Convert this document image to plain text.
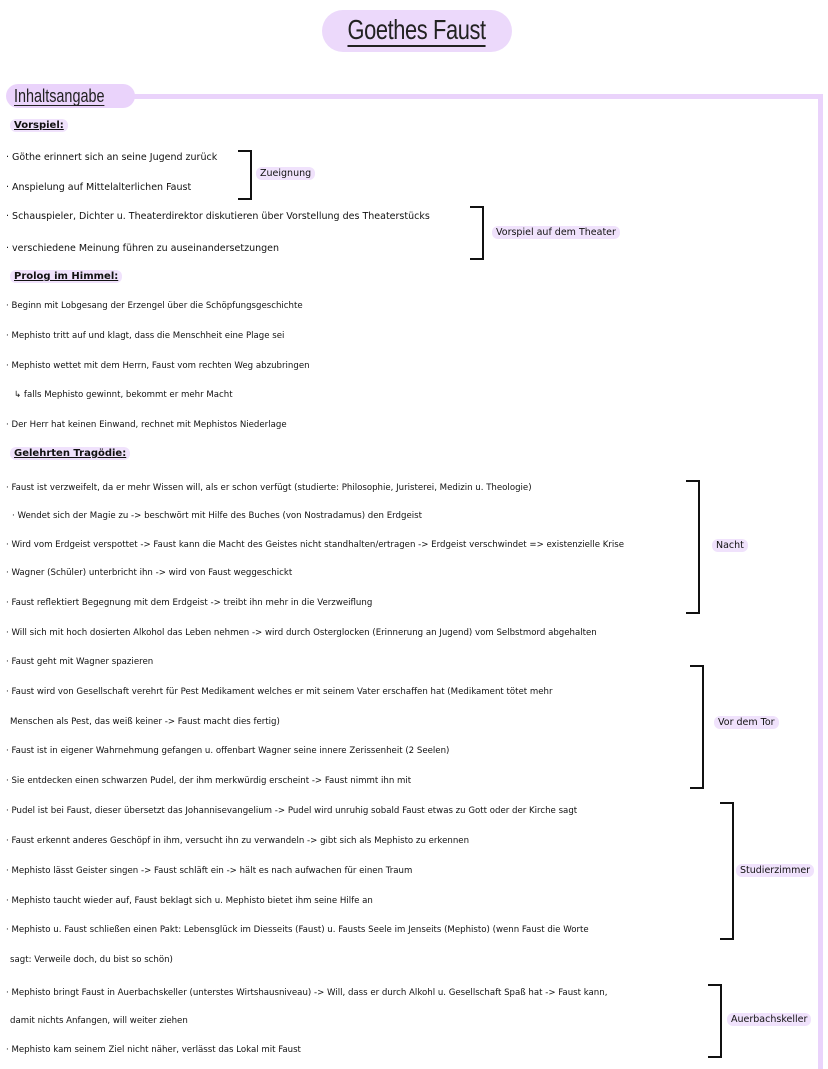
Goethes Faust
Inhaltsangabe
Vorspiel:
· Göthe erinnert sich an seine Jugend zurück
· Anspielung auf Mittelalterlichen Faust
Zueignung
· Schauspieler, Dichter u. Theaterdirektor diskutieren über Vorstellung des Theaterstücks
· verschiedene Meinung führen zu auseinandersetzungen
Vorspiel auf dem Theater
Prolog im Himmel:
· Beginn mit Lobgesang der Erzengel über die Schöpfungsgeschichte
· Mephisto tritt auf und klagt, dass die Menschheit eine Plage sei
· Mephisto wettet mit dem Herrn, Faust vom rechten Weg abzubringen
↳ falls Mephisto gewinnt, bekommt er mehr Macht
· Der Herr hat keinen Einwand, rechnet mit Mephistos Niederlage
Gelehrten Tragödie:
· Faust ist verzweifelt, da er mehr Wissen will, als er schon verfügt (studierte: Philosophie, Juristerei, Medizin u. Theologie)
· Wendet sich der Magie zu -> beschwört mit Hilfe des Buches (von Nostradamus) den Erdgeist
· Wird vom Erdgeist verspottet -> Faust kann die Macht des Geistes nicht standhalten/ertragen -> Erdgeist verschwindet => existenzielle Krise
· Wagner (Schüler) unterbricht ihn -> wird von Faust weggeschickt
· Faust reflektiert Begegnung mit dem Erdgeist -> treibt ihn mehr in die Verzweiflung
Nacht
· Will sich mit hoch dosierten Alkohol das Leben nehmen -> wird durch Osterglocken (Erinnerung an Jugend) vom Selbstmord abgehalten
· Faust geht mit Wagner spazieren
· Faust wird von Gesellschaft verehrt für Pest Medikament welches er mit seinem Vater erschaffen hat (Medikament tötet mehr
Menschen als Pest, das weiß keiner -> Faust macht dies fertig)
· Faust ist in eigener Wahrnehmung gefangen u. offenbart Wagner seine innere Zerissenheit (2 Seelen)
· Sie entdecken einen schwarzen Pudel, der ihm merkwürdig erscheint -> Faust nimmt ihn mit
Vor dem Tor
· Pudel ist bei Faust, dieser übersetzt das Johannisevangelium -> Pudel wird unruhig sobald Faust etwas zu Gott oder der Kirche sagt
· Faust erkennt anderes Geschöpf in ihm, versucht ihn zu verwandeln -> gibt sich als Mephisto zu erkennen
· Mephisto lässt Geister singen -> Faust schläft ein -> hält es nach aufwachen für einen Traum
· Mephisto taucht wieder auf, Faust beklagt sich u. Mephisto bietet ihm seine Hilfe an
· Mephisto u. Faust schließen einen Pakt: Lebensglück im Diesseits (Faust) u. Fausts Seele im Jenseits (Mephisto) (wenn Faust die Worte
sagt: Verweile doch, du bist so schön)
Studierzimmer
· Mephisto bringt Faust in Auerbachskeller (unterstes Wirtshausniveau) -> Will, dass er durch Alkohl u. Gesellschaft Spaß hat -> Faust kann,
damit nichts Anfangen, will weiter ziehen
· Mephisto kam seinem Ziel nicht näher, verlässt das Lokal mit Faust
Auerbachskeller
